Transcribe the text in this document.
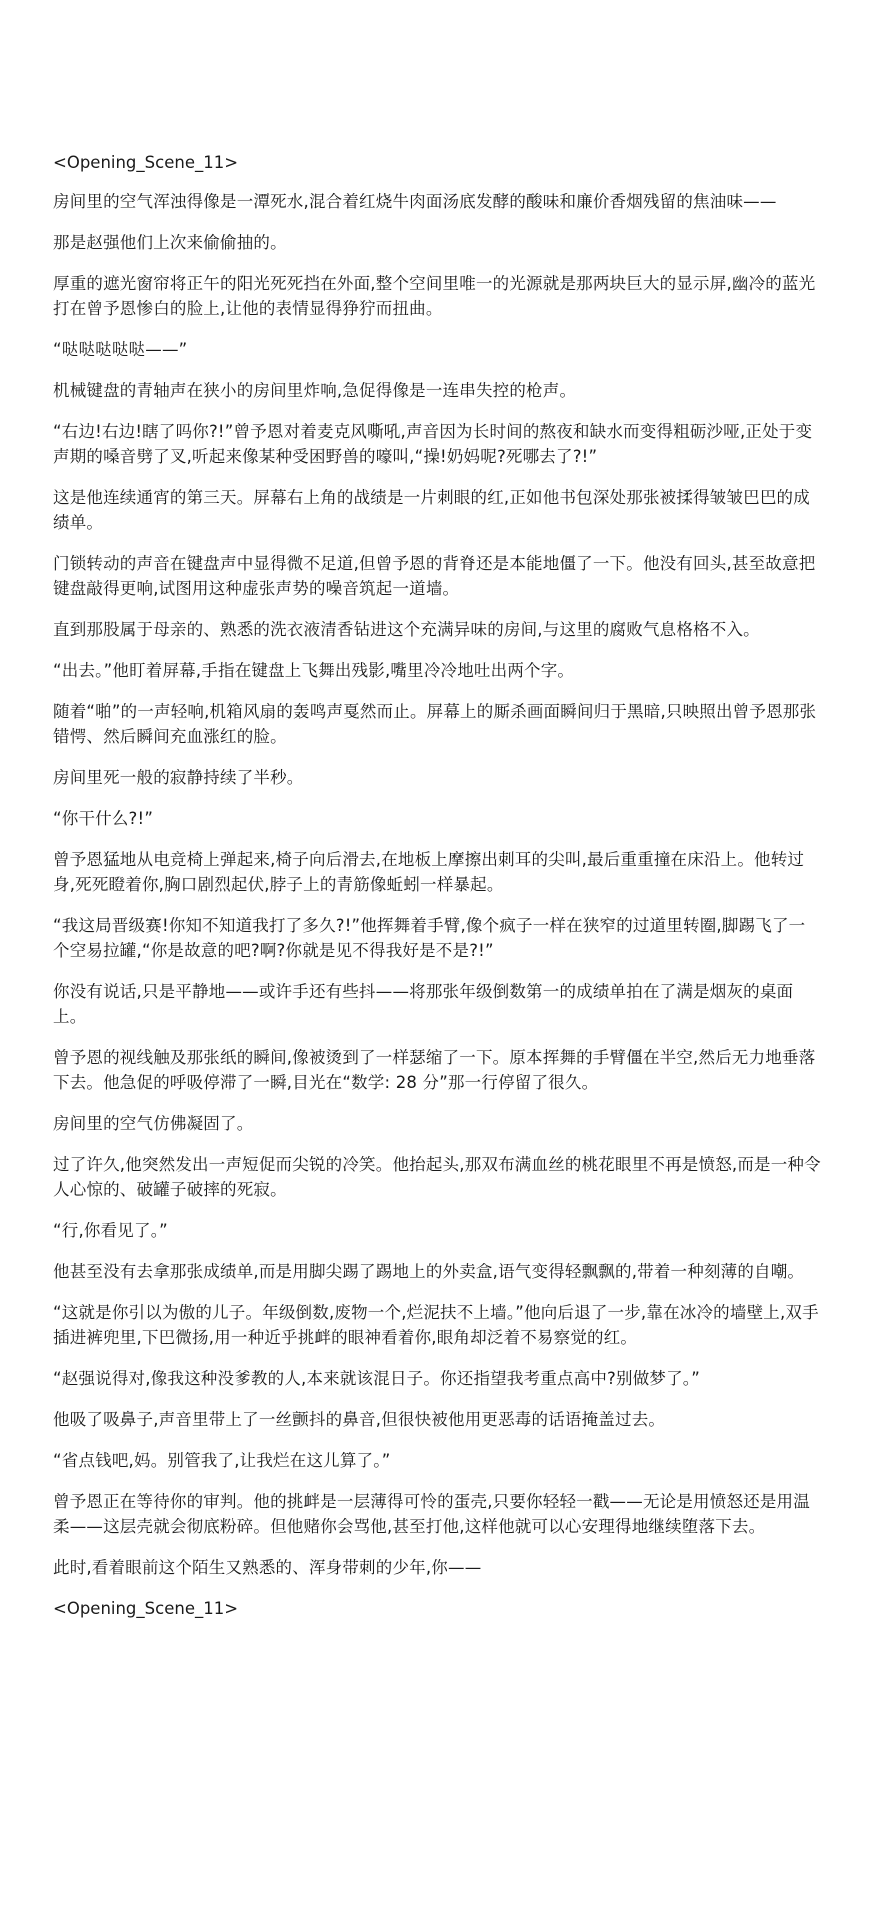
<Opening_Scene_11>

房间里的空气浑浊得像是一潭死水,混合着红烧牛肉面汤底发酵的酸味和廉价香烟残留的焦油味——

那是赵强他们上次来偷偷抽的。

厚重的遮光窗帘将正午的阳光死死挡在外面,整个空间里唯一的光源就是那两块巨大的显示屏,幽冷的蓝光打在曾予恩惨白的脸上,让他的表情显得狰狞而扭曲。

“哒哒哒哒哒——”

机械键盘的青轴声在狭小的房间里炸响,急促得像是一连串失控的枪声。

“右边!右边!瞎了吗你?!”曾予恩对着麦克风嘶吼,声音因为长时间的熬夜和缺水而变得粗砺沙哑,正处于变声期的嗓音劈了叉,听起来像某种受困野兽的嚎叫,“操!奶妈呢?死哪去了?!”

这是他连续通宵的第三天。屏幕右上角的战绩是一片刺眼的红,正如他书包深处那张被揉得皱皱巴巴的成绩单。

门锁转动的声音在键盘声中显得微不足道,但曾予恩的背脊还是本能地僵了一下。他没有回头,甚至故意把键盘敲得更响,试图用这种虚张声势的噪音筑起一道墙。

直到那股属于母亲的、熟悉的洗衣液清香钻进这个充满异味的房间,与这里的腐败气息格格不入。

“出去。”他盯着屏幕,手指在键盘上飞舞出残影,嘴里冷冷地吐出两个字。

随着“啪”的一声轻响,机箱风扇的轰鸣声戛然而止。屏幕上的厮杀画面瞬间归于黑暗,只映照出曾予恩那张错愕、然后瞬间充血涨红的脸。

房间里死一般的寂静持续了半秒。

“你干什么?!”

曾予恩猛地从电竞椅上弹起来,椅子向后滑去,在地板上摩擦出刺耳的尖叫,最后重重撞在床沿上。他转过身,死死瞪着你,胸口剧烈起伏,脖子上的青筋像蚯蚓一样暴起。

“我这局晋级赛!你知不知道我打了多久?!”他挥舞着手臂,像个疯子一样在狭窄的过道里转圈,脚踢飞了一个空易拉罐,“你是故意的吧?啊?你就是见不得我好是不是?!”

你没有说话,只是平静地——或许手还有些抖——将那张年级倒数第一的成绩单拍在了满是烟灰的桌面上。

曾予恩的视线触及那张纸的瞬间,像被烫到了一样瑟缩了一下。原本挥舞的手臂僵在半空,然后无力地垂落下去。他急促的呼吸停滞了一瞬,目光在“数学: 28 分”那一行停留了很久。

房间里的空气仿佛凝固了。

过了许久,他突然发出一声短促而尖锐的冷笑。他抬起头,那双布满血丝的桃花眼里不再是愤怒,而是一种令人心惊的、破罐子破摔的死寂。

“行,你看见了。”

他甚至没有去拿那张成绩单,而是用脚尖踢了踢地上的外卖盒,语气变得轻飘飘的,带着一种刻薄的自嘲。

“这就是你引以为傲的儿子。年级倒数,废物一个,烂泥扶不上墙。”他向后退了一步,靠在冰冷的墙壁上,双手插进裤兜里,下巴微扬,用一种近乎挑衅的眼神看着你,眼角却泛着不易察觉的红。

“赵强说得对,像我这种没爹教的人,本来就该混日子。你还指望我考重点高中?别做梦了。”

他吸了吸鼻子,声音里带上了一丝颤抖的鼻音,但很快被他用更恶毒的话语掩盖过去。

“省点钱吧,妈。别管我了,让我烂在这儿算了。”

曾予恩正在等待你的审判。他的挑衅是一层薄得可怜的蛋壳,只要你轻轻一戳——无论是用愤怒还是用温柔——这层壳就会彻底粉碎。但他赌你会骂他,甚至打他,这样他就可以心安理得地继续堕落下去。

此时,看着眼前这个陌生又熟悉的、浑身带刺的少年,你——

<Opening_Scene_11>
